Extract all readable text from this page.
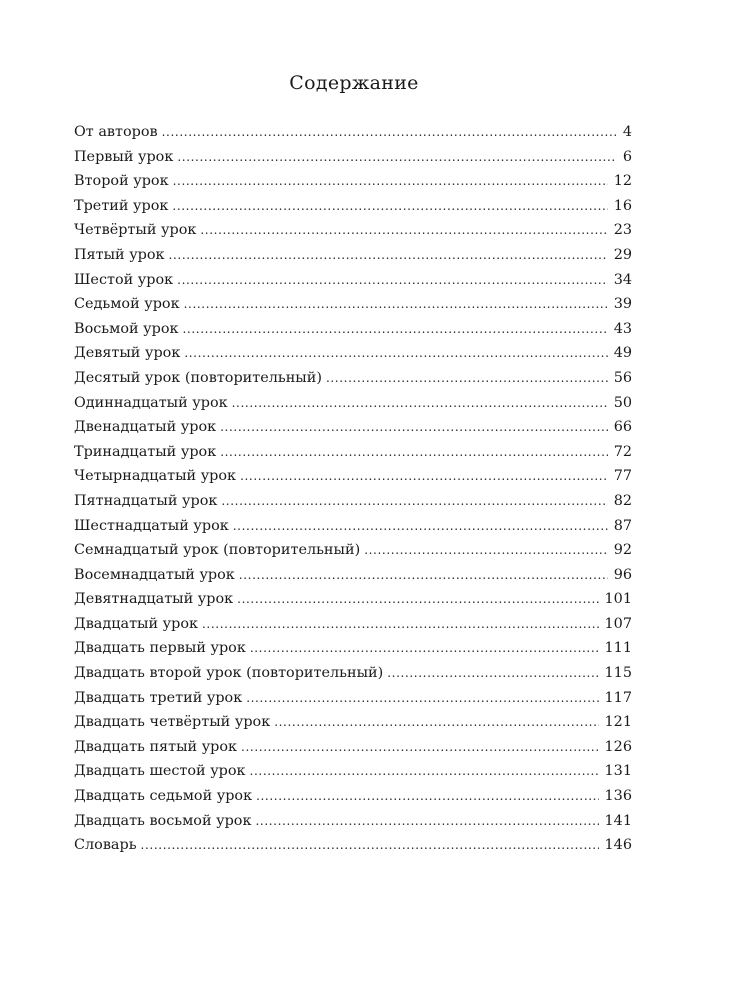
Содержание
От авторов . . .	4
Первый урок . . .	6
Второй урок . . .	12
Третий урок . . .	16
Четвёртый урок . . .	23
Пятый урок . . .	29
Шестой урок . . .	34
Седьмой урок . . .	39
Восьмой урок . . .	43
Девятый урок . . .	49
Десятый урок (повторительный) . . .	56
Одиннадцатый урок . . .	50
Двенадцатый урок . . .	66
Тринадцатый урок . . .	72
Четырнадцатый урок . . .	77
Пятнадцатый урок . . .	82
Шестнадцатый урок . . .	87
Семнадцатый урок (повторительный) . . .	92
Восемнадцатый урок . . .	96
Девятнадцатый урок . . .	101
Двадцатый урок . . .	107
Двадцать первый урок . . .	111
Двадцать второй урок (повторительный) . . .	115
Двадцать третий урок . . .	117
Двадцать четвёртый урок . . .	121
Двадцать пятый урок . . .	126
Двадцать шестой урок . . .	131
Двадцать седьмой урок . . .	136
Двадцать восьмой урок . . .	141
Словарь . . .	146
